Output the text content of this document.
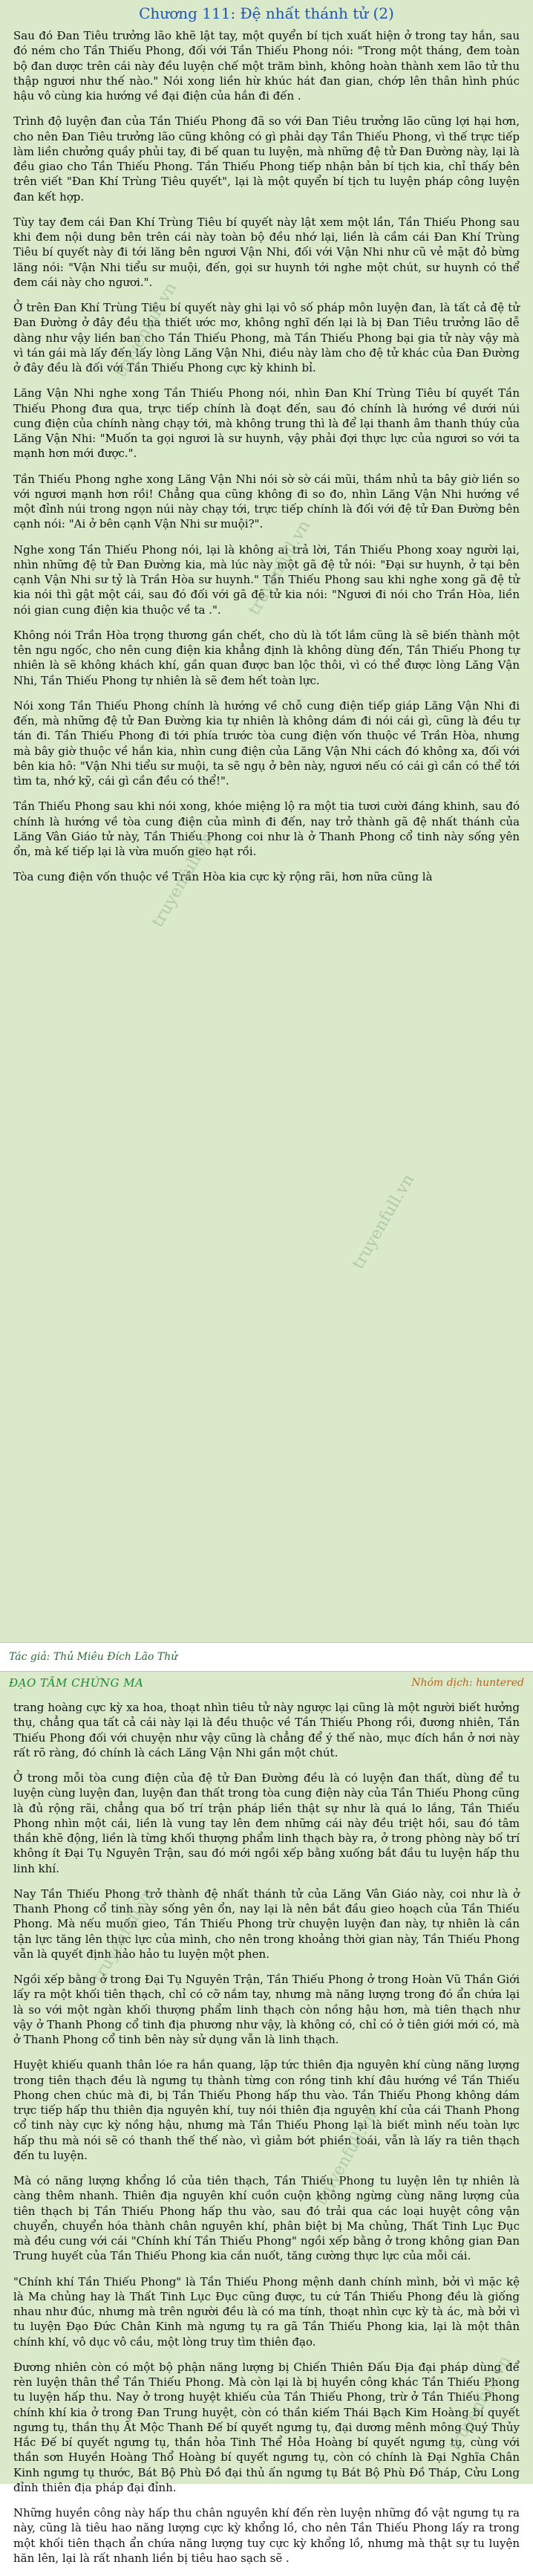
Chương 111: Đệ nhất thánh tử (2)

Sau đó Đan Tiêu trưởng lão khẽ lật tay, một quyển bí tịch xuất hiện ở trong tay hắn, sau đó ném cho Tần Thiếu Phong, đối với Tần Thiếu Phong nói: "Trong một tháng, đem toàn bộ đan dược trên cái này đều luyện chế một trăm bình, không hoàn thành xem lão tử thu thập ngươi như thế nào." Nói xong liền hừ khúc hát đan gian, chớp lên thân hình phúc hậu vô cùng kia hướng về đại điện của hắn đi đến .

Trình độ luyện đan của Tần Thiếu Phong đã so với Đan Tiêu trưởng lão cũng lợi hại hơn, cho nên Đan Tiêu trưởng lão cũng không có gì phải dạy Tần Thiếu Phong, vì thế trực tiếp làm liền chưởng quầy phủi tay, đi bế quan tu luyện, mà những đệ tử Đan Đường này, lại là đều giao cho Tần Thiếu Phong. Tần Thiếu Phong tiếp nhận bản bí tịch kia, chỉ thấy bên trên viết "Đan Khí Trùng Tiêu quyết", lại là một quyển bí tịch tu luyện pháp công luyện đan kết hợp.

Tùy tay đem cái Đan Khí Trùng Tiêu bí quyết này lật xem một lần, Tần Thiếu Phong sau khi đem nội dung bên trên cái này toàn bộ đều nhớ lại, liền là cầm cái Đan Khí Trùng Tiêu bí quyết này đi tới lăng bên ngươi Vận Nhi, đối với Vận Nhi như cũ vẻ mặt đỏ bừng lăng nói: "Vận Nhi tiểu sư muội, đến, gọi sư huynh tới nghe một chút, sư huynh có thể đem cái này cho ngươi.".

Ở trên Đan Khí Trùng Tiêu bí quyết này ghi lại vô số pháp môn luyện đan, là tất cả đệ tử Đan Đường ở đây đều tha thiết ước mơ, không nghĩ đến lại là bị Đan Tiêu trưởng lão dễ dàng như vậy liền ban cho Tần Thiếu Phong, mà Tần Thiếu Phong bại gia tử này vậy mà vì tán gái mà lấy đến lấy lòng Lăng Vận Nhi, điều này làm cho đệ tử khác của Đan Đường ở đây đều là đối với Tần Thiếu Phong cực kỳ khinh bỉ.

Lăng Vận Nhi nghe xong Tần Thiếu Phong nói, nhìn Đan Khí Trùng Tiêu bí quyết Tần Thiếu Phong đưa qua, trực tiếp chính là đoạt đến, sau đó chính là hướng về dưới núi cung điện của chính nàng chạy tới, mà không trung thì là để lại thanh âm thanh thúy của Lăng Vận Nhi: "Muốn ta gọi ngươi là sư huynh, vậy phải đợi thực lực của ngươi so với ta mạnh hơn mới được.".

Tần Thiếu Phong nghe xong Lăng Vận Nhi nói sờ sờ cái mũi, thầm nhủ ta bây giờ liền so với ngươi mạnh hơn rồi! Chẳng qua cũng không đi so đo, nhìn Lăng Vận Nhi hướng về một đỉnh núi trong ngọn núi này chạy tới, trực tiếp chính là đối với đệ tử Đan Đường bên cạnh nói: "Ai ở bên cạnh Vận Nhi sư muội?".

Nghe xong Tần Thiếu Phong nói, lại là không ai trả lời, Tần Thiếu Phong xoay người lại, nhìn những đệ tử Đan Đường kia, mà lúc này một gã đệ tử nói: "Đại sư huynh, ở tại bên cạnh Vận Nhi sư tỷ là Trần Hòa sư huynh." Tần Thiếu Phong sau khi nghe xong gã đệ tử kia nói thì gật một cái, sau đó đối với gã đệ tử kia nói: "Ngươi đi nói cho Trần Hòa, liền nói gian cung điện kia thuộc về ta .".

Không nói Trần Hòa trọng thương gần chết, cho dù là tốt lắm cũng là sẽ biến thành một tên ngu ngốc, cho nên cung điện kia khẳng định là không dùng đến, Tần Thiếu Phong tự nhiên là sẽ không khách khí, gần quan được ban lộc thôi, vì có thể được lòng Lăng Vận Nhi, Tần Thiếu Phong tự nhiên là sẽ đem hết toàn lực.

Nói xong Tần Thiếu Phong chính là hướng về chỗ cung điện tiếp giáp Lăng Vận Nhi đi đến, mà những đệ tử Đan Đường kia tự nhiên là không dám đi nói cái gì, cũng là đều tự tán đi. Tần Thiếu Phong đi tới phía trước tòa cung điện vốn thuộc về Trần Hòa, nhưng mà bây giờ thuộc về hắn kia, nhìn cung điện của Lăng Vận Nhi cách đó không xa, đối với bên kia hô: "Vận Nhi tiểu sư muội, ta sẽ ngụ ở bên này, ngươi nếu có cái gì cần có thể tới tìm ta, nhớ kỹ, cái gì cần đều có thể!".

Tần Thiếu Phong sau khi nói xong, khóe miệng lộ ra một tia tươi cười đáng khinh, sau đó chính là hướng về tòa cung điện của mình đi đến, nay trở thành gã đệ nhất thánh của Lăng Vân Giáo tử này, Tần Thiếu Phong coi như là ở Thanh Phong cổ tinh này sống yên ổn, mà kế tiếp lại là vừa muốn gieo hạt rồi.

Tòa cung điện vốn thuộc về Trần Hòa kia cực kỳ rộng rãi, hơn nữa cũng là

Tác giả: Thủ Miêu Đích Lão Thử
ĐẠO TÂM CHỨNG MA	Nhóm dịch: huntered

trang hoàng cực kỳ xa hoa, thoạt nhìn tiêu tử này ngược lại cũng là một người biết hưởng thụ, chẳng qua tất cả cái này lại là đều thuộc về Tần Thiếu Phong rồi, đương nhiên, Tần Thiếu Phong đối với chuyện như vậy cũng là chẳng để ý thế nào, mục đích hắn ở nơi này rất rõ ràng, đó chính là cách Lăng Vận Nhi gần một chút.

Ở trong mỗi tòa cung điện của đệ tử Đan Đường đều là có luyện đan thất, dùng để tu luyện cùng luyện đan, luyện đan thất trong tòa cung điện này của Tần Thiếu Phong cũng là đủ rộng rãi, chẳng qua bố trí trận pháp liền thật sự như là quá lo lắng, Tần Thiếu Phong nhìn một cái, liền là vung tay lên đem những cái này đều triệt hồi, sau đó tâm thần khẽ động, liền là từng khối thượng phẩm linh thạch bày ra, ở trong phòng này bố trí không ít Đại Tụ Nguyên Trận, sau đó mới ngồi xếp bằng xuống bắt đầu tu luyện hấp thu linh khí.

Nay Tần Thiếu Phong trở thành đệ nhất thánh tử của Lăng Vân Giáo này, coi như là ở Thanh Phong cổ tinh này sống yên ổn, nay lại là nên bắt đầu gieo hoạch của Tần Thiếu Phong. Mà nếu muốn gieo, Tần Thiếu Phong trừ chuyện luyện đan này, tự nhiên là cần tận lực tăng lên thực lực của mình, cho nên trong khoảng thời gian này, Tần Thiếu Phong vẫn là quyết định hảo hảo tu luyện một phen.

Ngồi xếp bằng ở trong Đại Tụ Nguyên Trận, Tần Thiếu Phong ở trong Hoàn Vũ Thần Giới lấy ra một khối tiên thạch, chỉ có cỡ nắm tay, nhưng mà năng lượng trong đó ẩn chứa lại là so với một ngàn khối thượng phẩm linh thạch còn nồng hậu hơn, mà tiên thạch như vậy ở Thanh Phong cổ tinh địa phương như vậy, là không có, chỉ có ở tiên giới mới có, mà ở Thanh Phong cổ tinh bên này sử dụng vẫn là linh thạch.

Huyệt khiếu quanh thân lóe ra hắn quang, lặp tức thiên địa nguyên khí cùng năng lượng trong tiên thạch đều là ngưng tụ thành từng con rồng tinh khí đâu hướng về Tần Thiếu Phong chen chúc mà đi, bị Tần Thiếu Phong hấp thu vào. Tần Thiếu Phong không dám trực tiếp hấp thu thiên địa nguyên khí, tuy nói thiên địa nguyên khí của cái Thanh Phong cổ tinh này cực kỳ nồng hậu, nhưng mà Tần Thiếu Phong lại là biết mình nếu toàn lực hấp thu mà nói sẽ có thanh thế thế nào, vì giảm bớt phiền toái, vẫn là lấy ra tiên thạch đến tu luyện.

Mà có năng lượng khổng lồ của tiên thạch, Tần Thiếu Phong tu luyện lên tự nhiên là càng thêm nhanh. Thiên địa nguyên khí cuồn cuộn không ngừng cùng năng lượng của tiên thạch bị Tần Thiếu Phong hấp thu vào, sau đó trải qua các loại huyệt công vận chuyển, chuyển hóa thành chân nguyên khí, phân biệt bị Ma chủng, Thất Tinh Lục Đục mà đều cung với cái "Chính khí Tần Thiếu Phong" ngồi xếp bằng ở trong không gian Đan Trung huyết của Tần Thiếu Phong kia cắn nuốt, tăng cường thực lực của mỗi cái.

"Chính khí Tần Thiếu Phong" là Tần Thiếu Phong mệnh danh chính mình, bởi vì mặc kệ là Ma chủng hay là Thất Tinh Lục Đục cũng được, tu cứ Tần Thiếu Phong đều là giống nhau như đúc, nhưng mà trên người đều là có ma tính, thoạt nhìn cực kỳ tà ác, mà bởi vì tu luyện Đạo Đức Chân Kinh mà ngưng tụ ra gã Tần Thiếu Phong kia, lại là một thân chính khí, vô dục vô cầu, một lòng truy tìm thiên đạo.

Đương nhiên còn có một bộ phận năng lượng bị Chiến Thiên Đấu Địa đại pháp dùng để rèn luyện thân thể Tần Thiếu Phong. Mà còn lại là bị huyền công khác Tần Thiếu Phong tu luyện hấp thu. Nay ở trong huyệt khiếu của Tần Thiếu Phong, trừ ở Tần Thiếu Phong chính khí kia ở trong Đan Trung huyệt, còn có thần kiếm Thái Bạch Kim Hoàng bí quyết ngưng tụ, thần thụ Ất Mộc Thanh Đế bí quyết ngưng tụ, đại dương mênh mông Quý Thủy Hắc Đế bí quyết ngưng tụ, thần hỏa Tinh Thể Hỏa Hoàng bí quyết ngưng tụ, cùng với thần sơn Huyền Hoàng Thổ Hoàng bí quyết ngưng tụ, còn có chính là Đại Nghĩa Chân Kinh ngưng tụ thước, Bát Bộ Phù Đồ đại thủ ấn ngưng tụ Bát Bộ Phù Đồ Tháp, Cửu Long đỉnh thiên địa pháp đại đỉnh.

Những huyền công này hấp thu chân nguyên khí đến rèn luyện những đồ vật ngưng tụ ra này, cũng là tiêu hao năng lượng cực kỳ khổng lồ, cho nên Tần Thiếu Phong lấy ra trong một khối tiên thạch ẩn chứa năng lượng tuy cực kỳ khổng lồ, nhưng mà thật sự tu luyện hăn lên, lại là rất nhanh liền bị tiêu hao sạch sẽ .

truyenfull.vn
truyenfull.vn
truyenfull.vn
truyenfull.vn
truyenfull.vn
truyenfull.vn
truyenfull.vn
